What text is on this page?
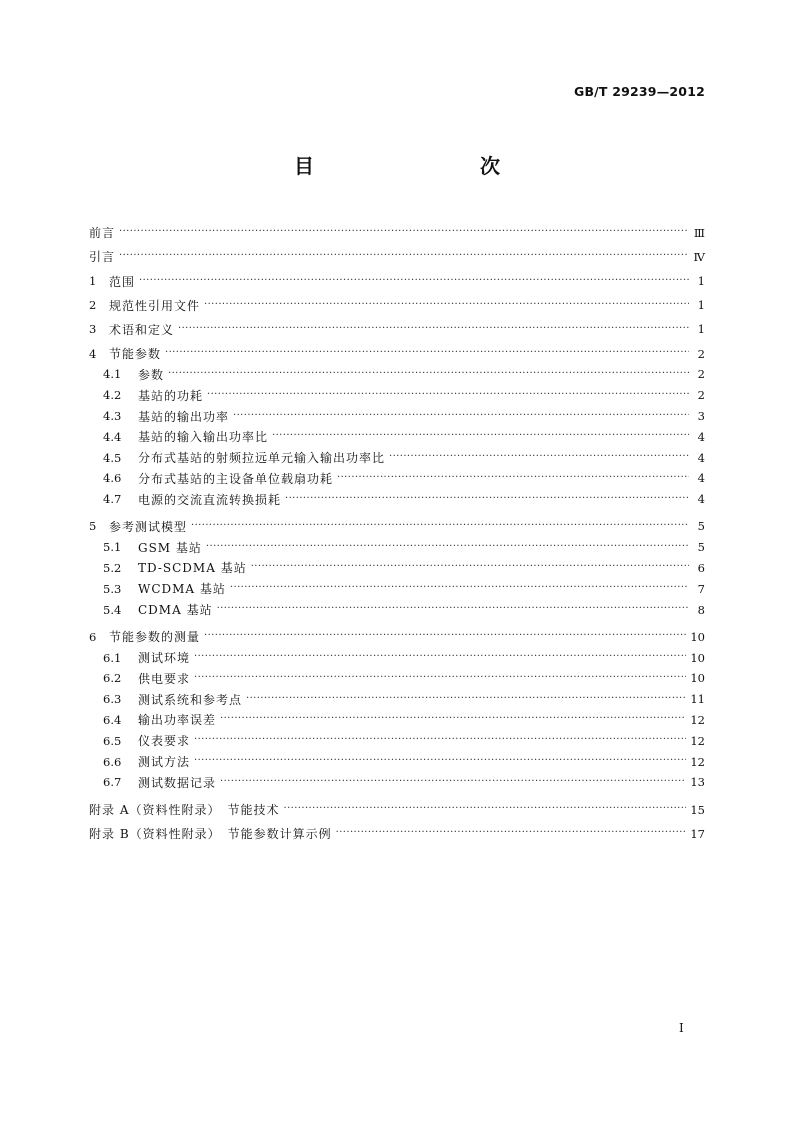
GB/T 29239—2012
目　　次
前言 ·····	Ⅲ
引言 ·····	Ⅳ
1	范围 ·····	1
2	规范性引用文件 ·····	1
3	术语和定义 ·····	1
4	节能参数 ·····	2
4.1	参数 ·····	2
4.2	基站的功耗 ·····	2
4.3	基站的输出功率 ·····	3
4.4	基站的输入输出功率比 ·····	4
4.5	分布式基站的射频拉远单元输入输出功率比 ·····	4
4.6	分布式基站的主设备单位载扇功耗 ·····	4
4.7	电源的交流直流转换损耗 ·····	4
5	参考测试模型 ·····	5
5.1	GSM 基站 ·····	5
5.2	TD-SCDMA 基站 ·····	6
5.3	WCDMA 基站 ·····	7
5.4	CDMA 基站 ·····	8
6	节能参数的测量 ·····	10
6.1	测试环境 ·····	10
6.2	供电要求 ·····	10
6.3	测试系统和参考点 ·····	11
6.4	输出功率误差 ·····	12
6.5	仪表要求 ·····	12
6.6	测试方法 ·····	12
6.7	测试数据记录 ·····	13
附录 A（资料性附录）　节能技术 ·····	15
附录 B（资料性附录）　节能参数计算示例 ·····	17
Ⅰ
